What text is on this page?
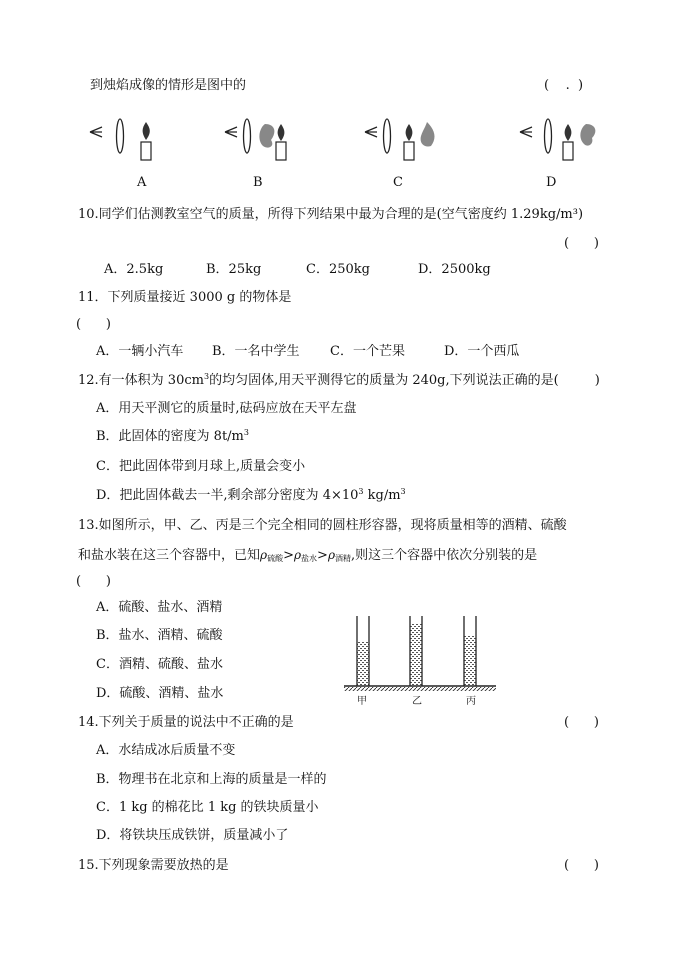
到烛焰成像的情形是图中的	(    .  )
A	B	C	D
10.同学们估测教室空气的质量，所得下列结果中最为合理的是(空气密度约 1.29kg/m³)
(      )
A．2.5kg	B．25kg	C．250kg	D．2500kg
11．下列质量接近 3000 g 的物体是
(      )
A．一辆小汽车 B．一名中学生 C．一个芒果	D．一个西瓜
12.有一体积为 $30cm^3$的均匀固体,用天平测得它的质量为 240g,下列说法正确的是( )
A．用天平测它的质量时,砝码应放在天平左盘
B．此固体的密度为 $8t/m^3$
C．把此固体带到月球上,质量会变小
D．把此固体截去一半,剩余部分密度为 $4\times 10^3$ $kg/m^3$
13.如图所示，甲、乙、丙是三个完全相同的圆柱形容器，现将质量相等的酒精、硫酸
和盐水装在这三个容器中，已知$\rho_{硫酸}>\rho_{盐水}>\rho_{酒精}$,则这三个容器中依次分别装的是
(      )
A．硫酸、盐水、酒精
B．盐水、酒精、硫酸
C．酒精、硫酸、盐水
D．硫酸、酒精、盐水
甲	乙	丙
14.下列关于质量的说法中不正确的是	(      )
A．水结成冰后质量不变
B．物理书在北京和上海的质量是一样的
C．1 kg 的棉花比 1 kg 的铁块质量小
D．将铁块压成铁饼，质量减小了
15.下列现象需要放热的是	(      )
